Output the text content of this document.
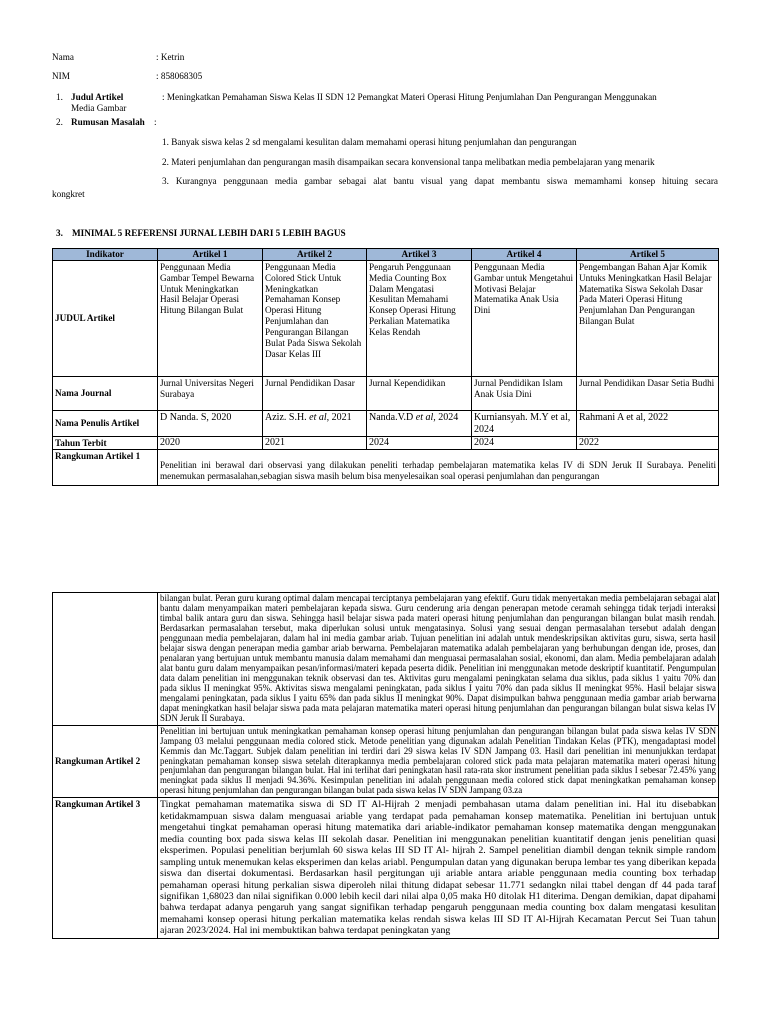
Nama	: Ketrin
NIM	: 858068305
1. Judul Artikel	: Meningkatkan Pemahaman Siswa Kelas II SDN 12 Pemangkat Materi Operasi Hitung Penjumlahan Dan Pengurangan Menggunakan
Media Gambar
2. Rumusan Masalah :
1. Banyak siswa kelas 2 sd mengalami kesulitan dalam memahami operasi hitung penjumlahan dan pengurangan
2. Materi penjumlahan dan pengurangan masih disampaikan secara konvensional tanpa melibatkan media pembelajaran yang menarik
3. Kurangnya penggunaan media gambar sebagai alat bantu visual yang dapat membantu siswa memamhami konsep hituing secara
kongkret
3. MINIMAL 5 REFERENSI JURNAL LEBIH DARI 5 LEBIH BAGUS
Indikator	Artikel 1	Artikel 2	Artikel 3	Artikel 4	Artikel 5
JUDUL Artikel	Penggunaan Media Gambar Tempel Bewarna Untuk Meningkatkan Hasil Belajar Operasi Hitung Bilangan Bulat	Penggunaan Media Colored Stick Untuk Meningkatkan Pemahaman Konsep Operasi Hitung Penjumlahan dan Pengurangan Bilangan Bulat Pada Siswa Sekolah Dasar Kelas III	Pengaruh Penggunaan Media Counting Box Dalam Mengatasi Kesulitan Memahami Konsep Operasi Hitung Perkalian Matematika Kelas Rendah	Penggunaan Media Gambar untuk Mengetahui Motivasi Belajar Matematika Anak Usia Dini	Pengembangan Bahan Ajar Komik Untuks Meningkatkan Hasil Belajar Matematika Siswa Sekolah Dasar Pada Materi Operasi Hitung Penjumlahan Dan Pengurangan Bilangan Bulat
Nama Journal	Jurnal Universitas Negeri Surabaya	Jurnal Pendidikan Dasar	Jurnal Kependidikan	Jurnal Pendidikan Islam Anak Usia Dini	Jurnal Pendidikan Dasar Setia Budhi
Nama Penulis Artikel	D Nanda. S, 2020	Aziz. S.H. et al, 2021	Nanda.V.D et al, 2024	Kurniansyah. M.Y et al, 2024	Rahmani A et al, 2022
Tahun Terbit	2020	2021	2024	2024	2022
Rangkuman Artikel 1	Penelitian ini berawal dari observasi yang dilakukan peneliti terhadap pembelajaran matematika kelas IV di SDN Jeruk II Surabaya. Peneliti menemukan permasalahan,sebagian siswa masih belum bisa menyelesaikan soal operasi penjumlahan dan pengurangan				
	bilangan bulat. Peran guru kurang optimal dalam mencapai terciptanya pembelajaran yang efektif. Guru tidak menyertakan media pembelajaran sebagai alat bantu dalam menyampaikan materi pembelajaran kepada siswa. Guru cenderung aria dengan penerapan metode ceramah sehingga tidak terjadi interaksi timbal balik antara guru dan siswa. Sehingga hasil belajar siswa pada materi operasi hitung penjumlahan dan pengurangan bilangan bulat masih rendah. Berdasarkan permasalahan tersebut, maka diperlukan solusi untuk mengatasinya. Solusi yang sesuai dengan permasalahan tersebut adalah dengan penggunaan media pembelajaran, dalam hal ini media gambar ariab. Tujuan penelitian ini adalah untuk mendeskripsikan aktivitas guru, siswa, serta hasil belajar siswa dengan penerapan media gambar ariab berwarna. Pembelajaran matematika adalah pembelajaran yang berhubungan dengan ide, proses, dan penalaran yang bertujuan untuk membantu manusia dalam memahami dan menguasai permasalahan sosial, ekonomi, dan alam. Media pembelajaran adalah alat bantu guru dalam menyampaikan pesan/informasi/materi kepada peserta didik. Penelitian ini menggunakan metode deskriptif kuantitatif. Pengumpulan data dalam penelitian ini menggunakan teknik observasi dan tes. Aktivitas guru mengalami peningkatan selama dua siklus, pada siklus 1 yaitu 70% dan pada siklus II meningkat 95%. Aktivitas siswa mengalami peningkatan, pada siklus I yaitu 70% dan pada siklus II meningkat 95%. Hasil belajar siswa mengalami peningkatan, pada siklus I yaitu 65% dan pada siklus II meningkat 90%. Dapat disimpulkan bahwa penggunaan media gambar ariab berwarna dapat meningkatkan hasil belajar siswa pada mata pelajaran matematika materi operasi hitung penjumlahan dan pengurangan bilangan bulat siswa kelas IV SDN Jeruk II Surabaya.
Rangkuman Artikel 2	Penelitian ini bertujuan untuk meningkatkan pemahaman konsep operasi hitung penjumlahan dan pengurangan bilangan bulat pada siswa kelas IV SDN Jampang 03 melalui penggunaan media colored stick. Metode penelitian yang digunakan adalah Penelitian Tindakan Kelas (PTK), mengadaptasi model Kemmis dan Mc.Taggart. Subjek dalam penelitian ini terdiri dari 29 siswa kelas IV SDN Jampang 03. Hasil dari penelitian ini menunjukkan terdapat peningkatan pemahaman konsep siswa setelah diterapkannya media pembelajaran colored stick pada mata pelajaran matematika materi operasi hitung penjumlahan dan pengurangan bilangan bulat. Hal ini terlihat dari peningkatan hasil rata-rata skor instrument penelitian pada siklus I sebesar 72.45% yang meningkat pada siklus II menjadi 94.36%. Kesimpulan penelitian ini adalah penggunaan media colored stick dapat meningkatkan pemahaman konsep operasi hitung penjumlahan dan pengurangan bilangan bulat pada siswa kelas IV SDN Jampang 03.za
Rangkuman Artikel 3	Tingkat pemahaman matematika siswa di SD IT Al-Hijrah 2 menjadi pembahasan utama dalam penelitian ini. Hal itu disebabkan ketidakmampuan siswa dalam menguasai ariable yang terdapat pada pemahaman konsep matematika. Penelitian ini bertujuan untuk mengetahui tingkat pemahaman operasi hitung matematika dari ariable-indikator pemahaman konsep matematika dengan menggunakan media counting box pada siswa kelas III sekolah dasar. Penelitian ini menggunakan penelitian kuantitatif dengan jenis penelitian quasi eksperimen. Populasi penelitian berjumlah 60 siswa kelas III SD IT Al- hijrah 2. Sampel penelitian diambil dengan teknik simple random sampling untuk menemukan kelas eksperimen dan kelas ariabl. Pengumpulan datan yang digunakan berupa lembar tes yang diberikan kepada siswa dan disertai dokumentasi. Berdasarkan hasil pergitungan uji ariable antara ariable penggunaan media counting box terhadap pemahaman operasi hitung perkalian siswa diperoleh nilai thitung didapat sebesar 11.771 sedangkn nilai ttabel dengan df 44 pada taraf signifikan 1,68023 dan nilai signifikan 0.000 lebih kecil dari nilai alpa 0,05 maka H0 ditolak H1 diterima. Dengan demikian, dapat dipahami bahwa terdapat adanya pengaruh yang sangat signifikan terhadap pengaruh penggunaan media counting box dalam mengatasi kesulitan memahami konsep operasi hitung perkalian matematika kelas rendah siswa kelas III SD IT Al-Hijrah Kecamatan Percut Sei Tuan tahun ajaran 2023/2024. Hal ini membuktikan bahwa terdapat peningkatan yang
